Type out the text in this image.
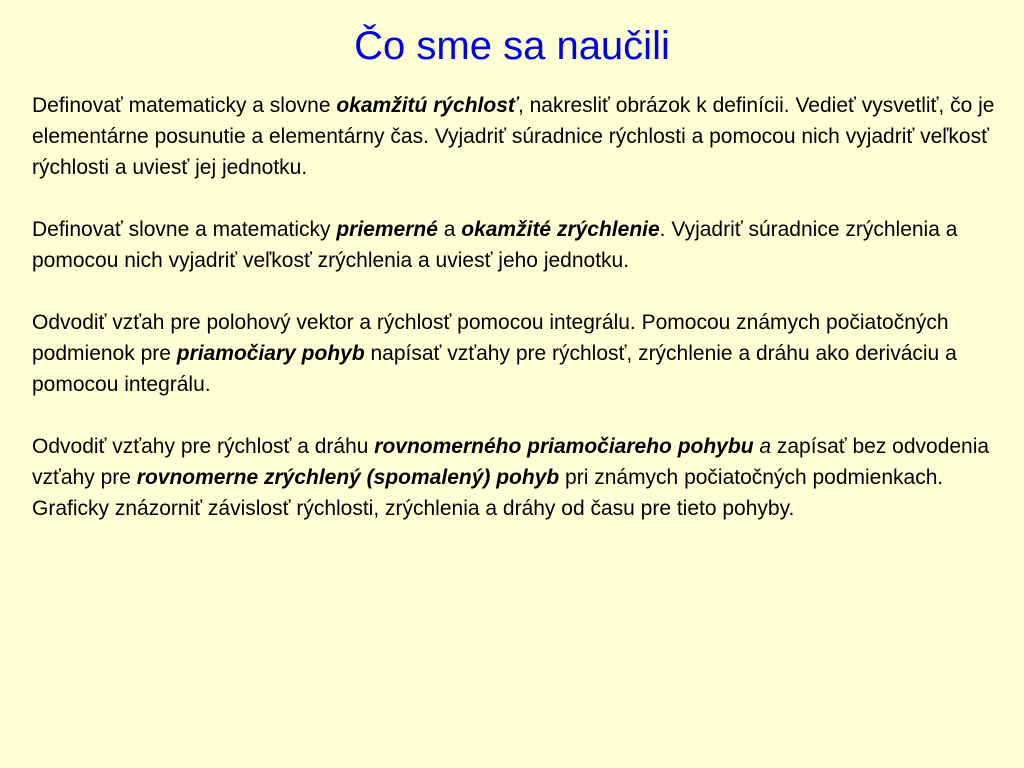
Čo sme sa naučili

Definovať matematicky a slovne okamžitú rýchlosť, nakresliť obrázok k definícii. Vedieť vysvetliť, čo je elementárne posunutie a elementárny čas. Vyjadriť súradnice rýchlosti a pomocou nich vyjadriť veľkosť rýchlosti a uviesť jej jednotku.

Definovať slovne a matematicky priemerné a okamžité zrýchlenie. Vyjadriť súradnice zrýchlenia a pomocou nich vyjadriť veľkosť zrýchlenia a uviesť jeho jednotku.

Odvodiť vzťah pre polohový vektor a rýchlosť pomocou integrálu. Pomocou známych počiatočných podmienok pre priamočiary pohyb napísať vzťahy pre rýchlosť, zrýchlenie a dráhu ako deriváciu a pomocou integrálu.

Odvodiť vzťahy pre rýchlosť a dráhu rovnomerného priamočiareho pohybu a zapísať bez odvodenia vzťahy pre rovnomerne zrýchlený (spomalený) pohyb pri známych počiatočných podmienkach.

Graficky znázorniť závislosť rýchlosti, zrýchlenia a dráhy od času pre tieto pohyby.
